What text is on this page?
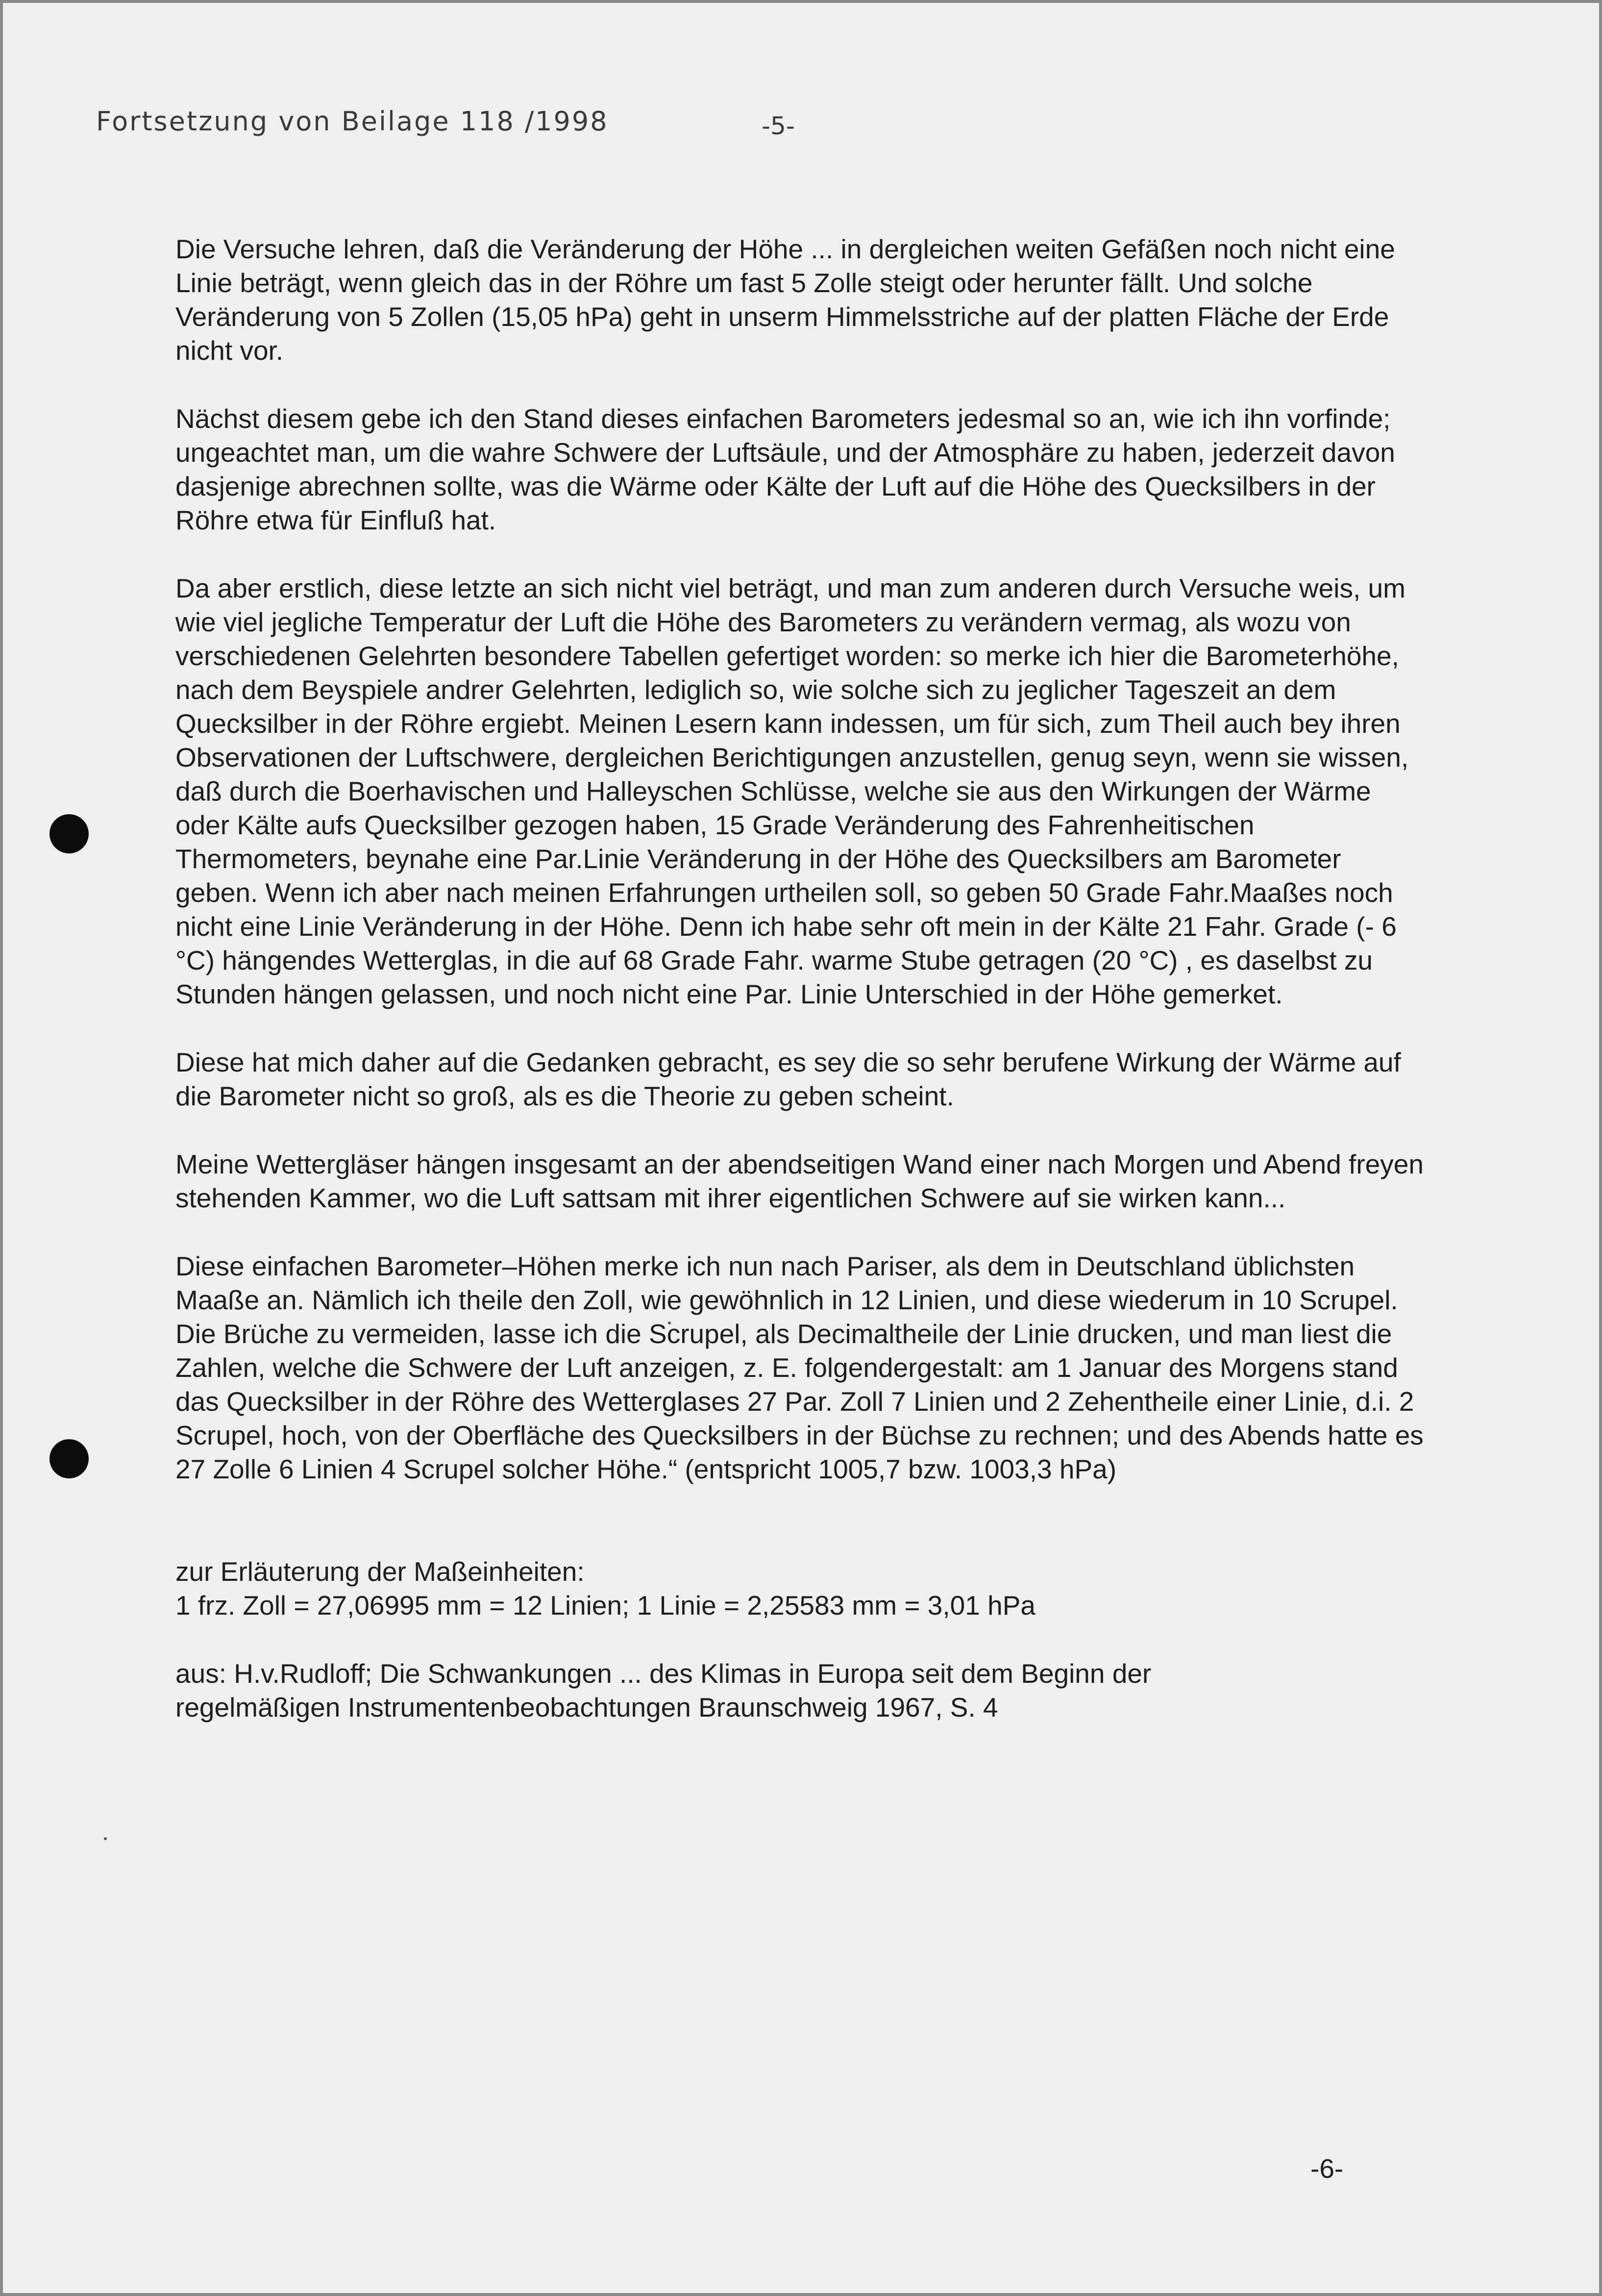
Fortsetzung von Beilage 118 /1998	-5-

Die Versuche lehren, daß die Veränderung der Höhe ... in dergleichen weiten Gefäßen noch nicht eine Linie beträgt, wenn gleich das in der Röhre um fast 5 Zolle steigt oder herunter fällt. Und solche Veränderung von 5 Zollen (15,05 hPa) geht in unserm Himmelsstriche auf der platten Fläche der Erde nicht vor.

Nächst diesem gebe ich den Stand dieses einfachen Barometers jedesmal so an, wie ich ihn vorfinde; ungeachtet man, um die wahre Schwere der Luftsäule, und der Atmosphäre zu haben, jederzeit davon dasjenige abrechnen sollte, was die Wärme oder Kälte der Luft auf die Höhe des Quecksilbers in der Röhre etwa für Einfluß hat.

Da aber erstlich, diese letzte an sich nicht viel beträgt, und man zum anderen durch Versuche weis, um wie viel jegliche Temperatur der Luft die Höhe des Barometers zu verändern vermag, als wozu von verschiedenen Gelehrten besondere Tabellen gefertiget worden: so merke ich hier die Barometerhöhe, nach dem Beyspiele andrer Gelehrten, lediglich so, wie solche sich zu jeglicher Tageszeit an dem Quecksilber in der Röhre ergiebt. Meinen Lesern kann indessen, um für sich, zum Theil auch bey ihren Observationen der Luftschwere, dergleichen Berichtigungen anzustellen, genug seyn, wenn sie wissen, daß durch die Boerhavischen und Halleyschen Schlüsse, welche sie aus den Wirkungen der Wärme oder Kälte aufs Quecksilber gezogen haben, 15 Grade Veränderung des Fahrenheitischen Thermometers, beynahe eine Par.Linie Veränderung in der Höhe des Quecksilbers am Barometer geben. Wenn ich aber nach meinen Erfahrungen urtheilen soll, so geben 50 Grade Fahr.Maaßes noch nicht eine Linie Veränderung in der Höhe. Denn ich habe sehr oft mein in der Kälte 21 Fahr. Grade (- 6 °C) hängendes Wetterglas, in die auf 68 Grade Fahr. warme Stube getragen (20 °C) , es daselbst zu Stunden hängen gelassen, und noch nicht eine Par. Linie Unterschied in der Höhe gemerket.

Diese hat mich daher auf die Gedanken gebracht, es sey die so sehr berufene Wirkung der Wärme auf die Barometer nicht so groß, als es die Theorie zu geben scheint.

Meine Wettergläser hängen insgesamt an der abendseitigen Wand einer nach Morgen und Abend freyen stehenden Kammer, wo die Luft sattsam mit ihrer eigentlichen Schwere auf sie wirken kann...

Diese einfachen Barometer–Höhen merke ich nun nach Pariser, als dem in Deutschland üblichsten Maaße an. Nämlich ich theile den Zoll, wie gewöhnlich in 12 Linien, und diese wiederum in 10 Scrupel. Die Brüche zu vermeiden, lasse ich die Scrupel, als Decimaltheile der Linie drucken, und man liest die Zahlen, welche die Schwere der Luft anzeigen, z. E. folgendergestalt: am 1 Januar des Morgens stand das Quecksilber in der Röhre des Wetterglases 27 Par. Zoll 7 Linien und 2 Zehentheile einer Linie, d.i. 2 Scrupel, hoch, von der Oberfläche des Quecksilbers in der Büchse zu rechnen; und des Abends hatte es 27 Zolle 6 Linien 4 Scrupel solcher Höhe.“ (entspricht 1005,7 bzw. 1003,3 hPa)

zur Erläuterung der Maßeinheiten:
1 frz. Zoll = 27,06995 mm = 12 Linien; 1 Linie = 2,25583 mm = 3,01 hPa

aus: H.v.Rudloff; Die Schwankungen ... des Klimas in Europa seit dem Beginn der
regelmäßigen Instrumentenbeobachtungen Braunschweig 1967, S. 4

-6-
